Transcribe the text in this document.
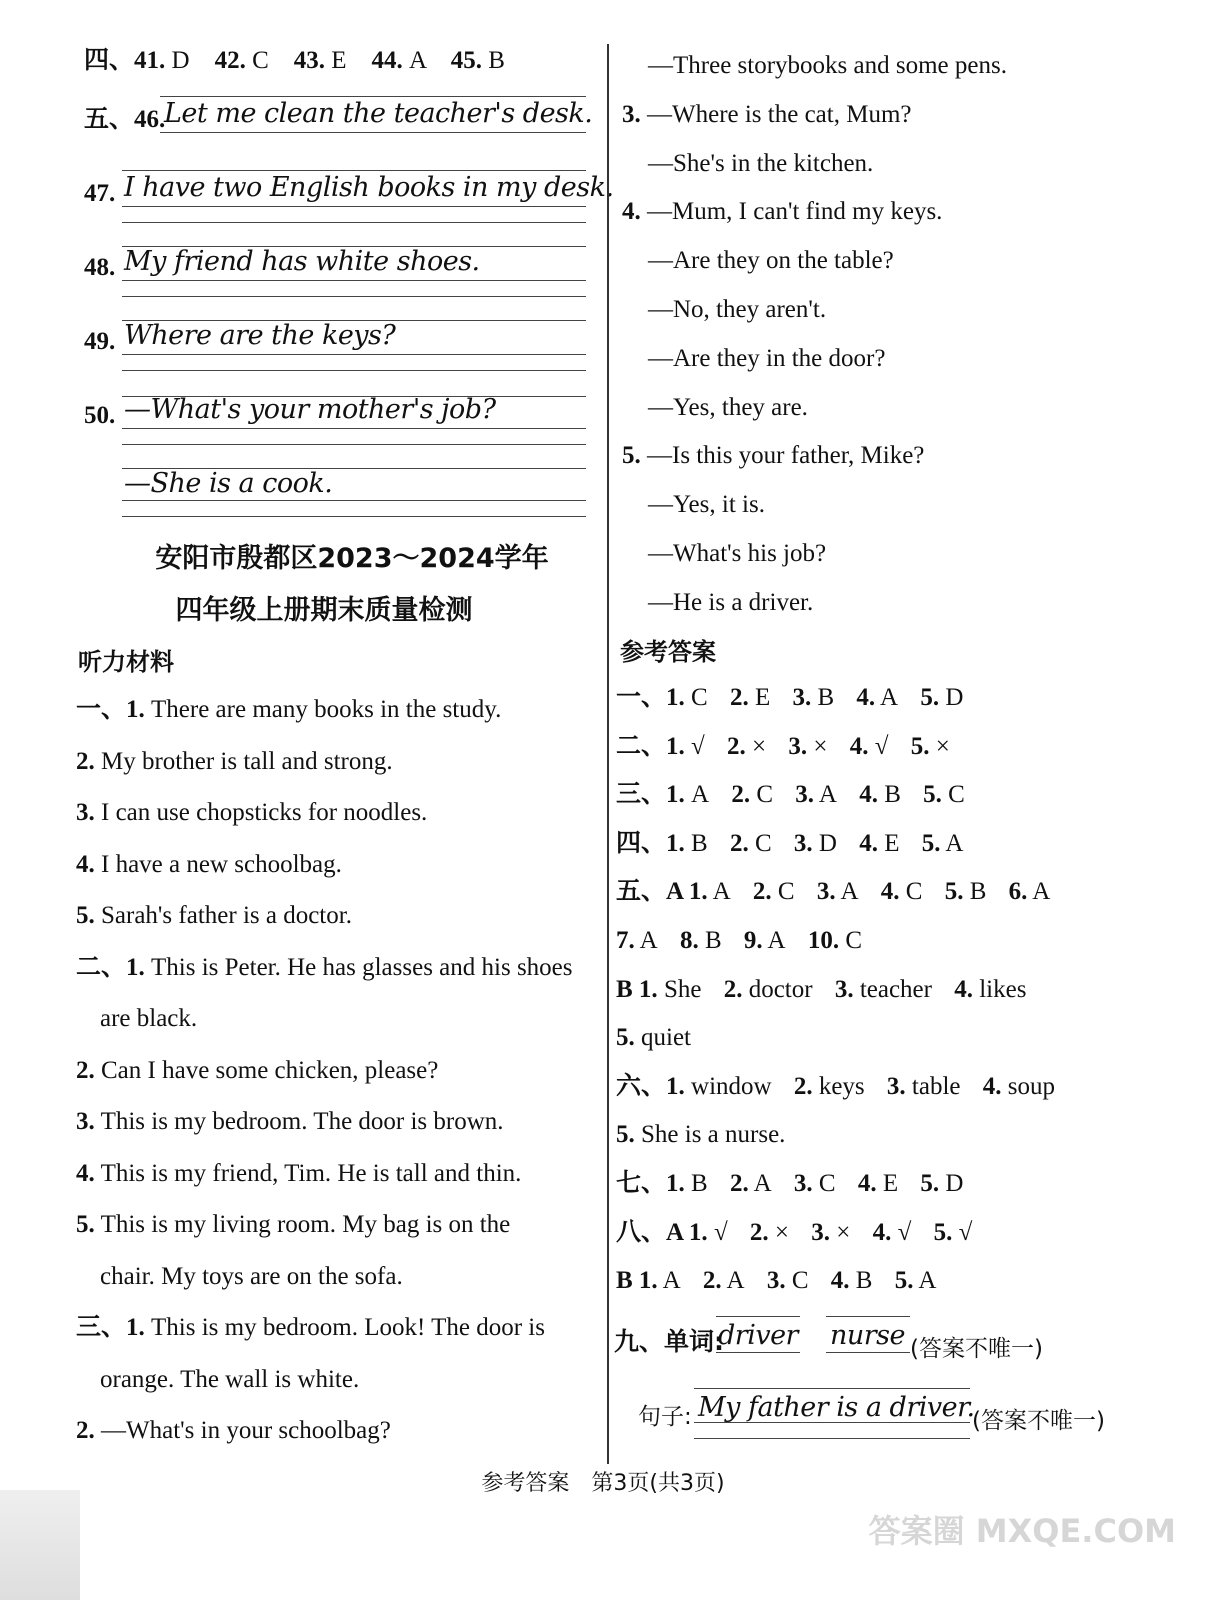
四、41. D 42. C 43. E 44. A 45. B
五、46.
Let me clean the teacher's desk.
47. I have two English books in my desk.
48. My friend has white shoes.
49. Where are the keys?
50. —What's your mother's job?
—She is a cook.
安阳市殷都区2023～2024学年
四年级上册期末质量检测
听力材料
一、1. There are many books in the study.
2. My brother is tall and strong.
3. I can use chopsticks for noodles.
4. I have a new schoolbag.
5. Sarah's father is a doctor.
二、1. This is Peter. He has glasses and his shoes
are black.
2. Can I have some chicken, please?
3. This is my bedroom. The door is brown.
4. This is my friend, Tim. He is tall and thin.
5. This is my living room. My bag is on the
chair. My toys are on the sofa.
三、1. This is my bedroom. Look! The door is
orange. The wall is white.
2. —What's in your schoolbag?
—Three storybooks and some pens.
3. —Where is the cat, Mum?
—She's in the kitchen.
4. —Mum, I can't find my keys.
—Are they on the table?
—No, they aren't.
—Are they in the door?
—Yes, they are.
5. —Is this your father, Mike?
—Yes, it is.
—What's his job?
—He is a driver.
参考答案
一、1. C 2. E 3. B 4. A 5. D
二、1. √ 2. × 3. × 4. √ 5. ×
三、1. A 2. C 3. A 4. B 5. C
四、1. B 2. C 3. D 4. E 5. A
五、A 1. A 2. C 3. A 4. C 5. B 6. A
7. A 8. B 9. A 10. C
B 1. She 2. doctor 3. teacher 4. likes
5. quiet
六、1. window 2. keys 3. table 4. soup
5. She is a nurse.
七、1. B 2. A 3. C 4. E 5. D
八、A 1. √ 2. × 3. × 4. √ 5. √
B 1. A 2. A 3. C 4. B 5. A
九、单词:
driver nurse (答案不唯一)
句子: My father is a driver.
(答案不唯一)
参考答案　第3页(共3页)
答案圈 MXQE.COM
